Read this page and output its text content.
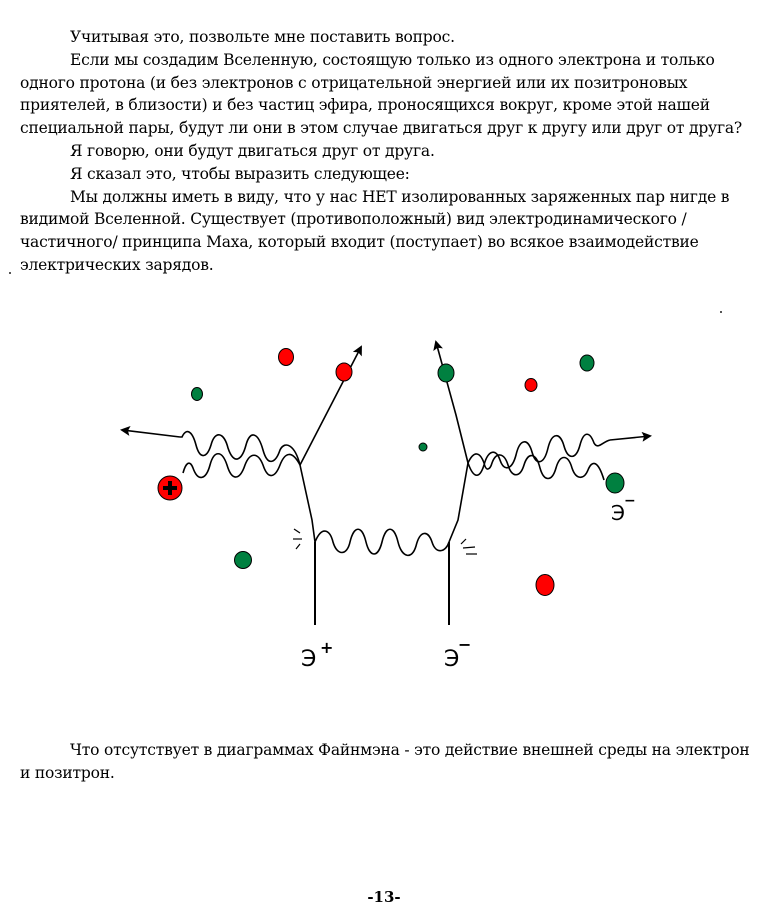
Учитывая это, позвольте мне поставить вопрос.

Если мы создадим Вселенную, состоящую только из одного электрона и только одного протона (и без электронов с отрицательной энергией или их позитроновых приятелей, в близости) и без частиц эфира, проносящихся вокруг, кроме этой нашей специальной пары, будут ли они в этом случае двигаться друг к другу или друг от друга?

Я говорю, они будут двигаться друг от друга.

Я сказал это, чтобы выразить следующее:

Мы должны иметь в виду, что у нас НЕТ изолированных заряженных пар нигде в видимой Вселенной. Существует (противоположный) вид электродинамического /частичного/ принципа Маха, который входит (поступает) во всякое взаимодействие электрических зарядов.

Э +	Э
−
Э −

Что отсутствует в диаграммах Файнмэна - это действие внешней среды на электрон и позитрон.

-13-
